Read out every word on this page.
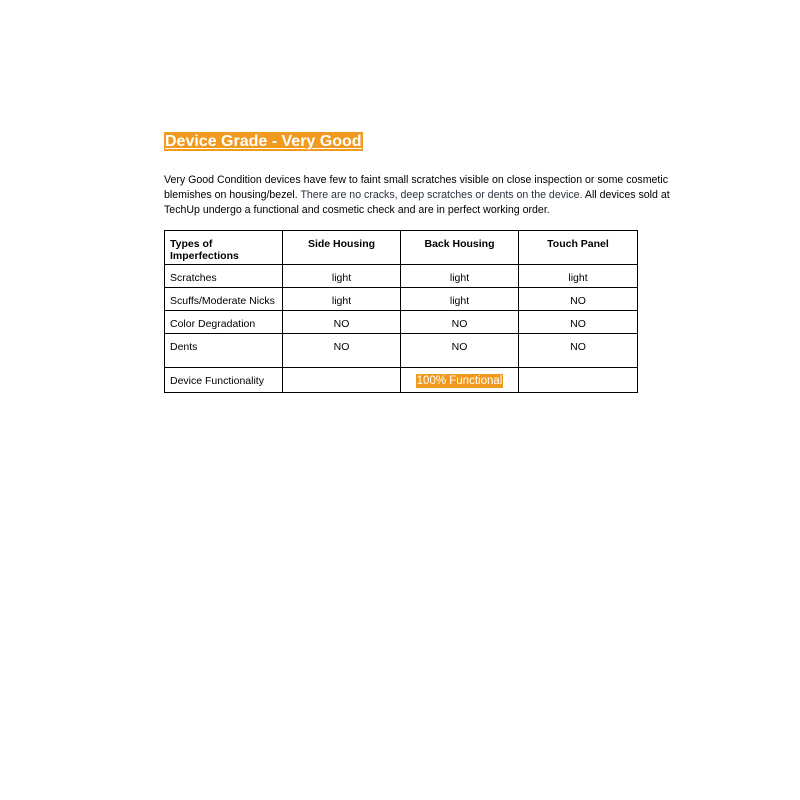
Device Grade - Very Good
Very Good Condition devices have few to faint small scratches visible on close inspection or some cosmetic blemishes on housing/bezel. There are no cracks, deep scratches or dents on the device. All devices sold at TechUp undergo a functional and cosmetic check and are in perfect working order.
Types of Imperfections	Side Housing	Back Housing	Touch Panel
Scratches	light	light	light
Scuffs/Moderate Nicks	light	light	NO
Color Degradation	NO	NO	NO
Dents	NO	NO	NO
Device Functionality		100% Functional	
